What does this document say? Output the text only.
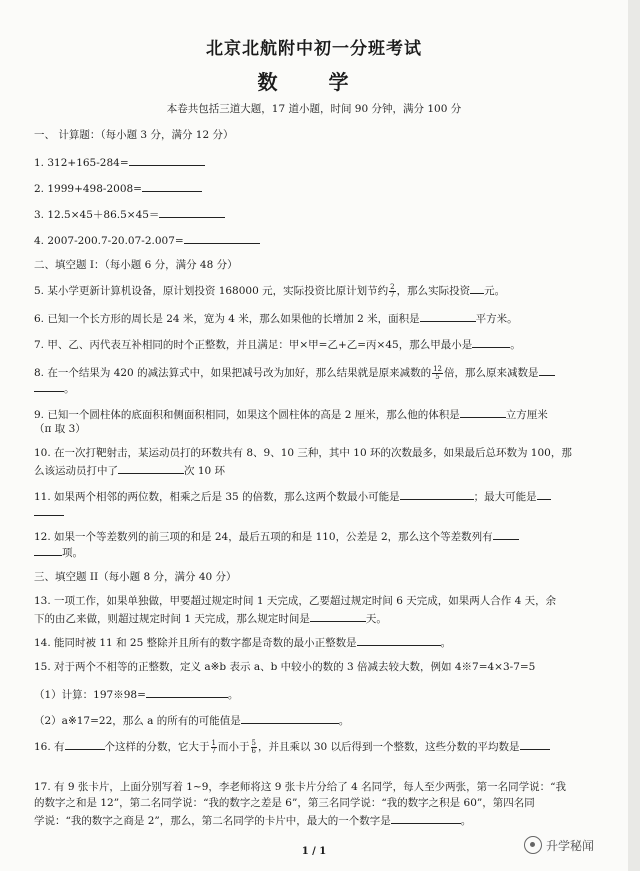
北京北航附中初一分班考试
数 学
本卷共包括三道大题，17 道小题，时间 90 分钟，满分 100 分
一、 计算题：（每小题 3 分，满分 12 分）
1. 312+165-284=
2. 1999+498-2008=
3. 12.5×45＋86.5×45＝
4. 2007-200.7-20.07-2.007=
二、填空题 I：（每小题 6 分，满分 48 分）
5. 某小学更新计算机设备，原计划投资 168000 元，实际投资比原计划节约 $\frac{2}{7}$ ，那么实际投资 元。
6. 已知一个长方形的周长是 24 米，宽为 4 米，那么如果他的长增加 2 米，面积是	平方米。
7. 甲、乙、丙代表互补相同的时个正整数，并且满足：甲×甲=乙+乙=丙×45，那么甲最小是	。
8. 在一个结果为 420 的减法算式中，如果把减号改为加好，那么结果就是原来减数的 $\frac{12}{5}$ 倍，那么原来减数是
。
9. 已知一个圆柱体的底面积和侧面积相同，如果这个圆柱体的高是 2 厘米，那么他的体积是	立方厘米
（π 取 3）
10. 在一次打靶射击，某运动员打的环数共有 8、9、10 三种，其中 10 环的次数最多，如果最后总环数为 100，那
么该运动员打中了	次 10 环
11. 如果两个相邻的两位数，相乘之后是 35 的倍数，那么这两个数最小可能是	；最大可能是
12. 如果一个等差数列的前三项的和是 24，最后五项的和是 110，公差是 2，那么这个等差数列有
项。
三、填空题 II（每小题 8 分，满分 40 分）
13. 一项工作，如果单独做，甲要超过规定时间 1 天完成，乙要超过规定时间 6 天完成，如果两人合作 4 天，余
下的由乙来做，则超过规定时间 1 天完成，那么规定时间是	天。
14. 能同时被 11 和 25 整除并且所有的数字都是奇数的最小正整数是	。
15. 对于两个不相等的正整数，定义 a※b 表示 a、b 中较小的数的 3 倍减去较大数，例如 4※7=4×3-7=5
（1）计算：197※98=	。
（2）a※17=22，那么 a 的所有的可能值是	。
16. 有	个这样的分数，它大于 $\frac{1}{7}$ 而小于 $\frac{5}{6}$ ，并且乘以 30 以后得到一个整数，这些分数的平均数是
17. 有 9 张卡片，上面分别写着 1~9，李老师将这 9 张卡片分给了 4 名同学，每人至少两张，第一名同学说：“我
的数字之和是 12”，第二名同学说：“我的数字之差是 6”，第三名同学说：“我的数字之积是 60”，第四名同
学说：“我的数字之商是 2”，那么，第二名同学的卡片中，最大的一个数字是	。
1 / 1	升学秘闻
